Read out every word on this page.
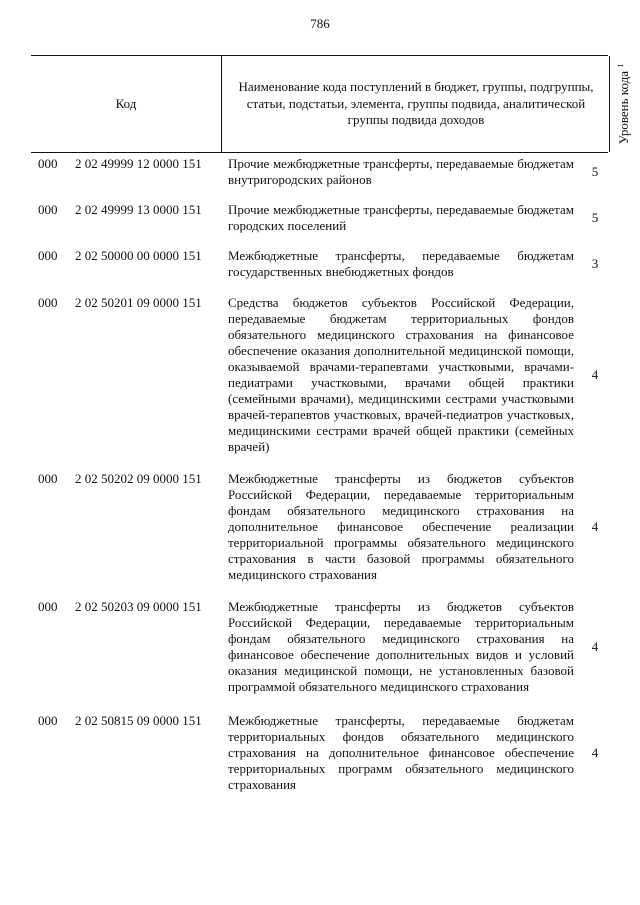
786
Код
Наименование кода поступлений в бюджет, группы, подгруппы, статьи, подстатьи, элемента, группы подвида, аналитической группы подвида доходов	Уровень кода $^1$
000 2 02 49999 12 0000 151 Прочие межбюджетные трансферты, передаваемые бюджетам внутригородских районов
5
000 2 02 49999 13 0000 151 Прочие межбюджетные трансферты, передаваемые бюджетам городских поселений
5
000 2 02 50000 00 0000 151 Межбюджетные трансферты, передаваемые бюджетам государственных внебюджетных фондов
3
000 2 02 50201 09 0000 151 Средства бюджетов субъектов Российской Федерации, передаваемые бюджетам территориальных фондов обязательного медицинского страхования на финансовое обеспечение оказания дополнительной медицинской помощи, оказываемой врачами-терапевтами участковыми, врачами-педиатрами участковыми, врачами общей практики (семейными врачами), медицинскими сестрами участковыми врачей-терапевтов участковых, врачей-педиатров участковых, медицинскими сестрами врачей общей практики (семейных врачей)
4
000 2 02 50202 09 0000 151 Межбюджетные трансферты из бюджетов субъектов Российской Федерации, передаваемые территориальным фондам обязательного медицинского страхования на дополнительное финансовое обеспечение реализации территориальной программы обязательного медицинского страхования в части базовой программы обязательного медицинского страхования
4
000 2 02 50203 09 0000 151 Межбюджетные трансферты из бюджетов субъектов Российской Федерации, передаваемые территориальным фондам обязательного медицинского страхования на финансовое обеспечение дополнительных видов и условий оказания медицинской помощи, не установленных базовой программой обязательного медицинского страхования
4
000 2 02 50815 09 0000 151 Межбюджетные трансферты, передаваемые бюджетам территориальных фондов обязательного медицинского страхования на дополнительное финансовое обеспечение территориальных программ обязательного медицинского страхования
4
